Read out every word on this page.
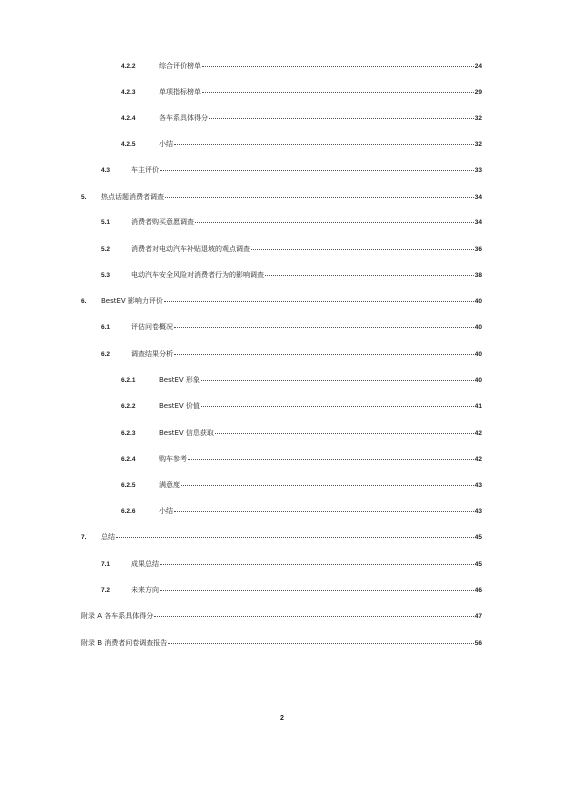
4.2.2	综合评价榜单	24
4.2.3	单项指标榜单	29
4.2.4	各车系具体得分	32
4.2.5	小结	32
4.3	车主评价	33
5.	热点话题消费者调查	34
5.1	消费者购买意愿调查	34
5.2	消费者对电动汽车补贴退坡的观点调查	36
5.3	电动汽车安全风险对消费者行为的影响调查	38
6.	BestEV 影响力评价	40
6.1	评估问卷概况	40
6.2	调查结果分析	40
6.2.1	BestEV 形象	40
6.2.2	BestEV 价值	41
6.2.3	BestEV 信息获取	42
6.2.4	购车参考	42
6.2.5	满意度	43
6.2.6	小结	43
7.	总结	45
7.1	成果总结	45
7.2	未来方向	46
附录 A 各车系具体得分	47
附录 B 消费者问卷调查报告	56
2
